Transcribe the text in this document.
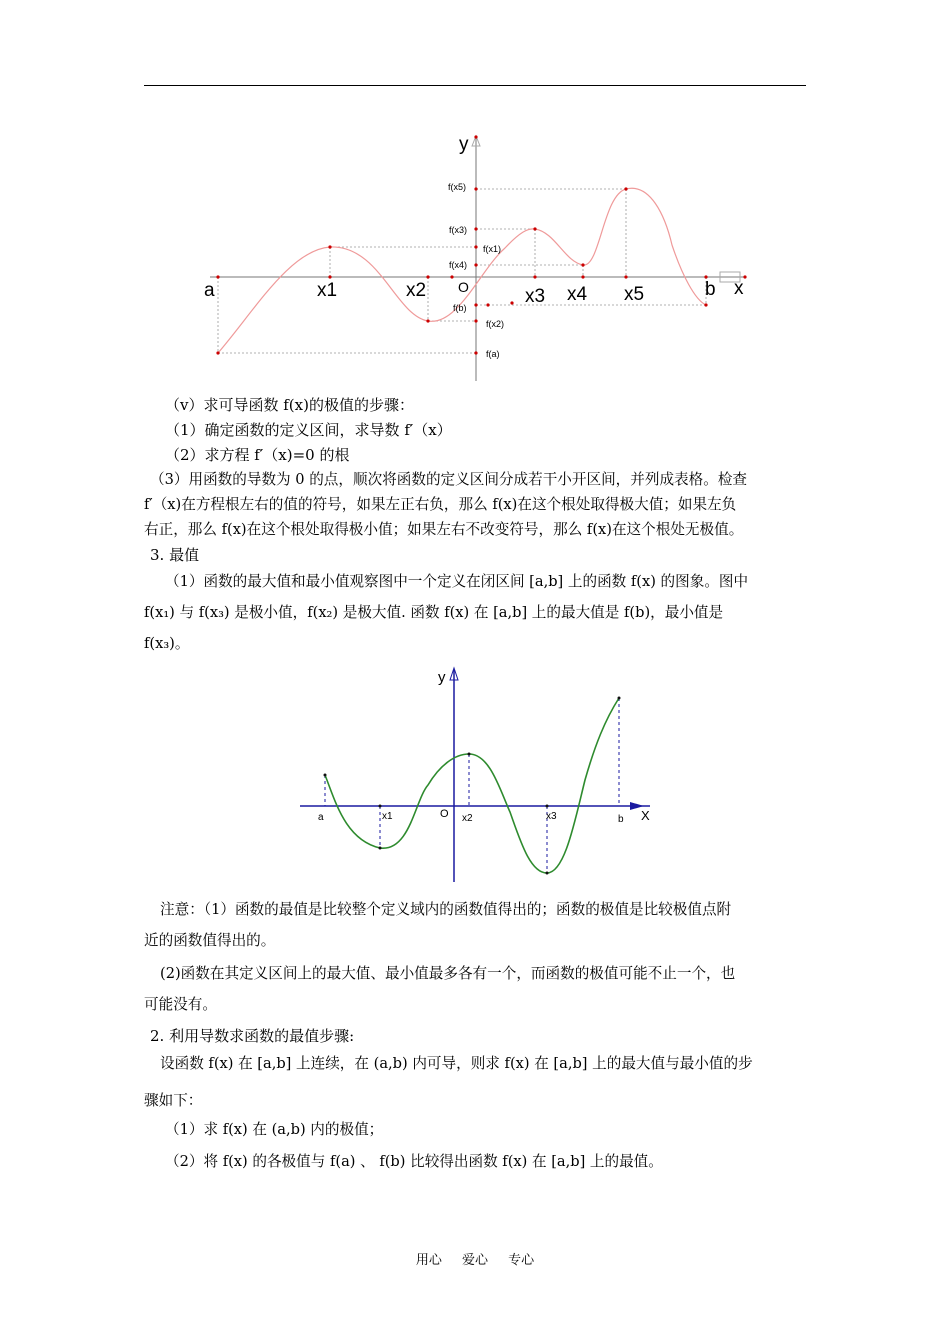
y
x
O
a	x1	x2	x3 x4 x5	b
f(x5)
f(x3)
f(x1)
f(x4)
f(b)
f(x2)
f(a)
（v）求可导函数 f(x)的极值的步骤：
（1）确定函数的定义区间，求导数 f′（x）
（2）求方程 f′（x)=0 的根
（3）用函数的导数为 0 的点，顺次将函数的定义区间分成若干小开区间，并列成表格。检查
f′（x)在方程根左右的值的符号，如果左正右负，那么 f(x)在这个根处取得极大值；如果左负
右正，那么 f(x)在这个根处取得极小值；如果左右不改变符号，那么 f(x)在这个根处无极值。
3. 最值
（1）函数的最大值和最小值观察图中一个定义在闭区间 [a,b] 上的函数 f(x) 的图象。图中
f(x₁) 与 f(x₃) 是极小值，f(x₂) 是极大值. 函数 f(x) 在 [a,b] 上的最大值是 f(b)，最小值是
f(x₃)。
y
X
O
a	x1	x2	x3	b
注意：（1）函数的最值是比较整个定义域内的函数值得出的；函数的极值是比较极值点附
近的函数值得出的。
(2)函数在其定义区间上的最大值、最小值最多各有一个，而函数的极值可能不止一个，也
可能没有。
2. 利用导数求函数的最值步骤:
设函数 f(x) 在 [a,b] 上连续，在 (a,b) 内可导，则求 f(x) 在 [a,b] 上的最大值与最小值的步
骤如下：
（1）求 f(x) 在 (a,b) 内的极值；
（2）将 f(x) 的各极值与 f(a) 、 f(b) 比较得出函数 f(x) 在 [a,b] 上的最值。
用心 爱心 专心
